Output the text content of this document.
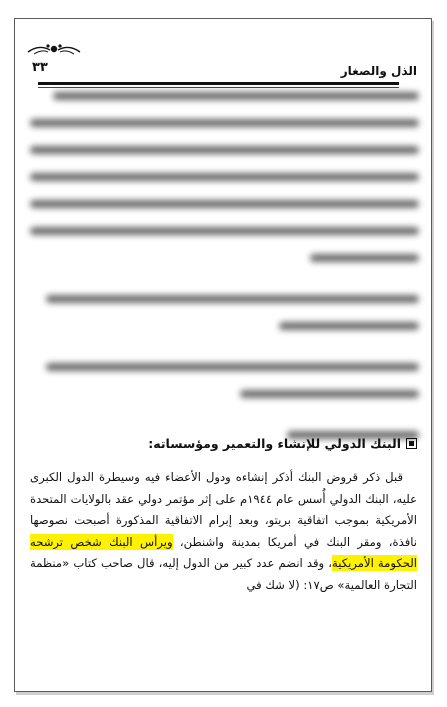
الذل والصغار
٣٣
البنك الدولي للإنشاء والتعمير ومؤسساته:

قبل ذكر قروض البنك أذكر إنشاءه ودول الأعضاء فيه وسيطرة الدول الكبرى عليه، البنك الدولي أُسس عام ١٩٤٤م على إثر مؤتمر دولي عقد بالولايات المتحدة الأمريكية بموجب اتفاقية بريتو، وبعد إبرام الاتفاقية المذكورة أصبحت نصوصها نافذة، ومقر البنك في أمريكا بمدينة واشنطن، ويرأس البنك شخص ترشحه الحكومة الأمريكية، وقد انضم عدد كبير من الدول إليه، قال صاحب كتاب «منظمة التجارة العالمية» ص١٧: (لا شك في
